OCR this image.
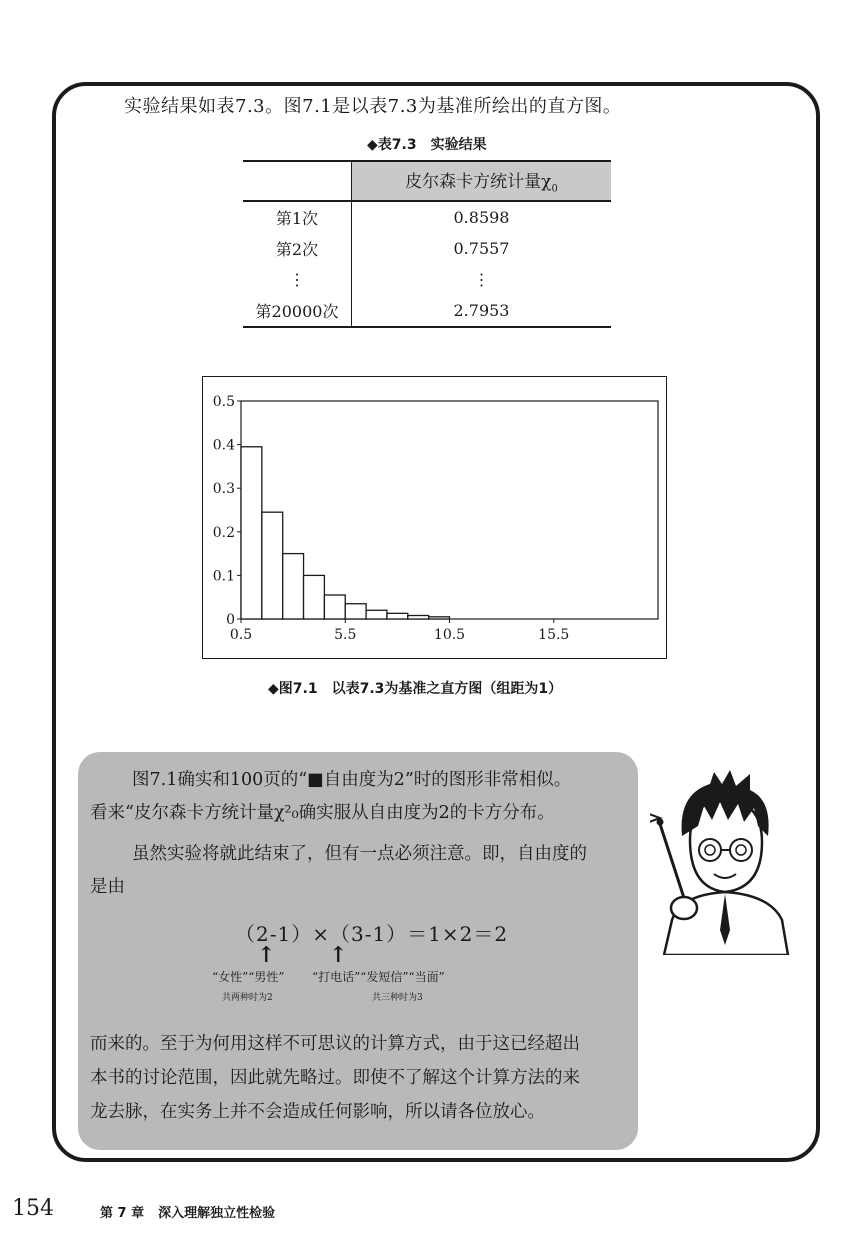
实验结果如表7.3。图7.1是以表7.3为基准所绘出的直方图。
◆表7.3 实验结果
	皮尔森卡方统计量$\chi_0$
第1次	0.8598
第2次	0.7557
⋮	⋮
第20000次	2.7953
0
0.1
0.2
0.3
0.4
0.5
0.5	5.5	10.5	15.5
◆图7.1 以表7.3为基准之直方图（组距为1）
图7.1确实和100页的“■自由度为2”时的图形非常相似。
看来“皮尔森卡方统计量χ²₀确实服从自由度为2的卡方分布。
虽然实验将就此结束了，但有一点必须注意。即，自由度的
是由
（2-1）×（3-1）＝1×2＝2
↑ ↑
“女性”“男性” “打电话”“发短信”“当面”
共两种时为2	共三种时为3
而来的。至于为何用这样不可思议的计算方式，由于这已经超出
本书的讨论范围，因此就先略过。即使不了解这个计算方法的来
龙去脉，在实务上并不会造成任何影响，所以请各位放心。
154	第 7 章 深入理解独立性检验
